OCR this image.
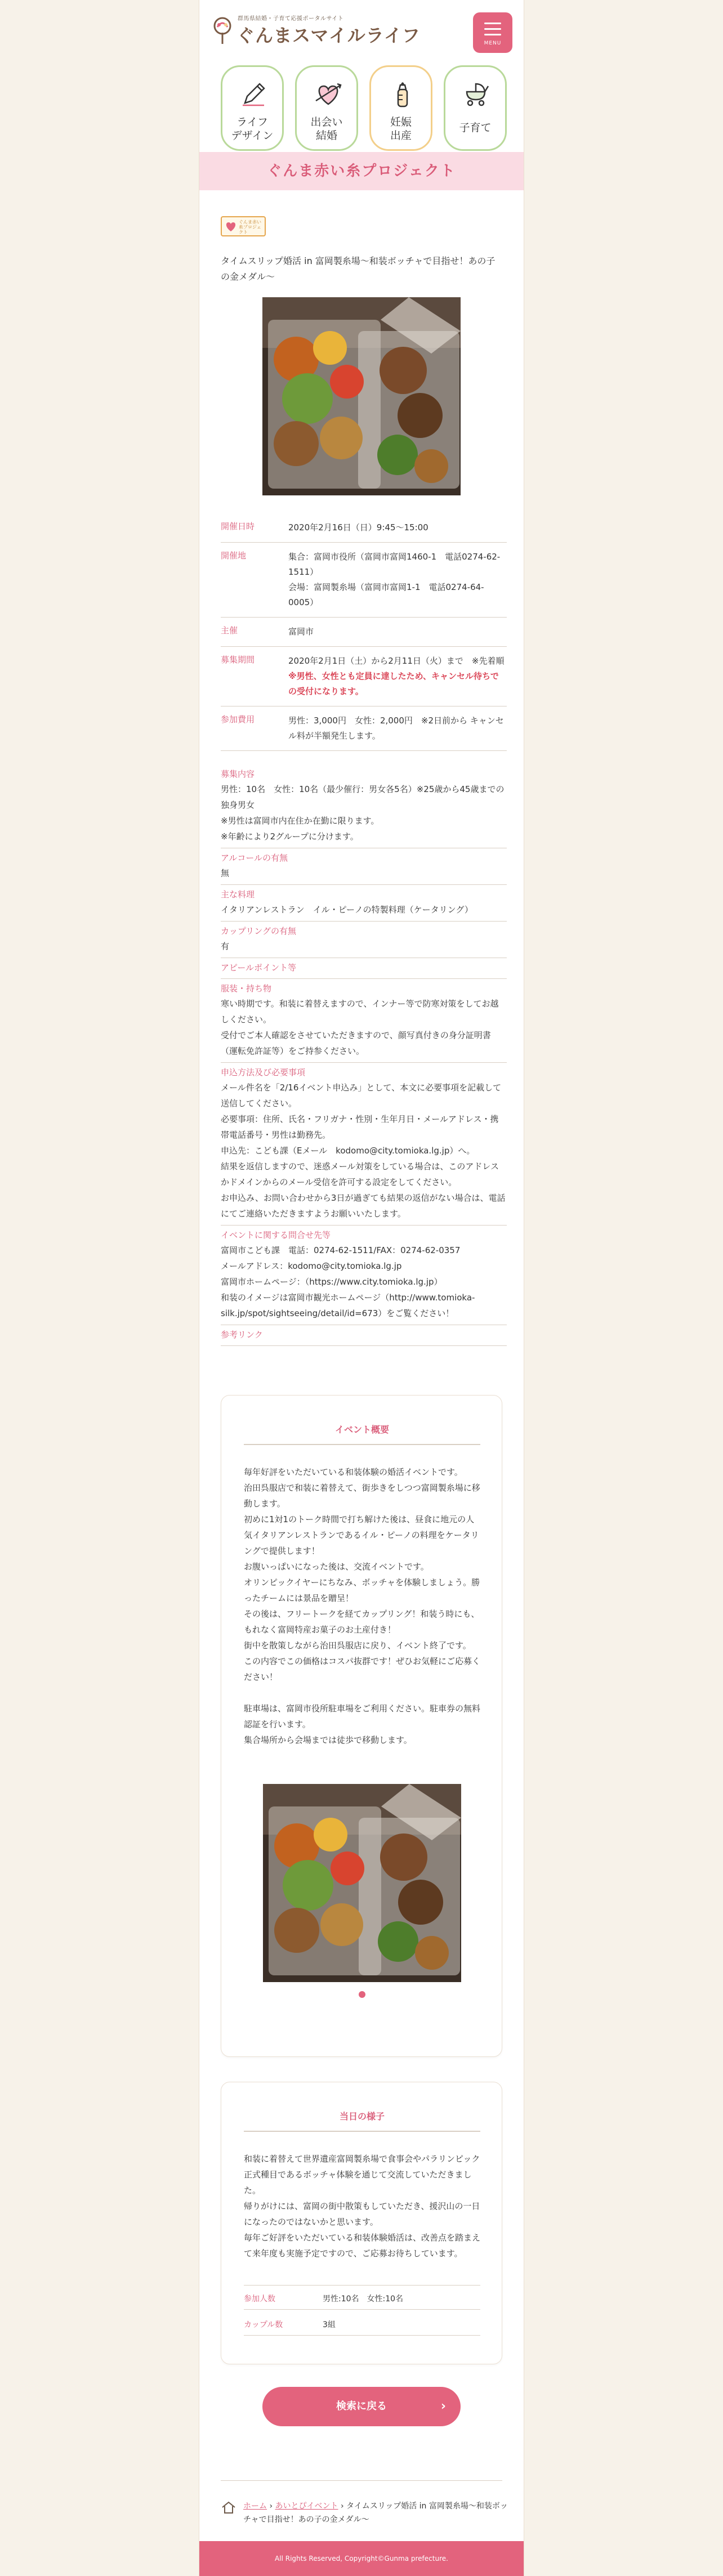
群馬県結婚・子育て応援ポータルサイト
ぐんまスマイルライフ	MENU
ライフ
デザイン
出会い
結婚
妊娠
出産
子育て
ぐんま赤い糸プロジェクト
ぐんま赤い糸プロジェクト
タイムスリップ婚活 in 富岡製糸場〜和装ボッチャで目指せ！あの子の金メダル〜
開催日時	2020年2月16日（日）9:45〜15:00
開催地	集合：富岡市役所（富岡市富岡1460-1　電話0274-62-1511）
会場：富岡製糸場（富岡市富岡1-1　電話0274-64-0005）
主催	富岡市
募集期間	2020年2月1日（土）から2月11日（火）まで　※先着順
※男性、女性とも定員に達したため、キャンセル待ちでの受付になります。
参加費用	男性：3,000円　女性：2,000円　※2日前から キャンセル料が半額発生します。
募集内容
男性：10名　女性：10名（最少催行：男女各5名）※25歳から45歳までの独身男女
※男性は富岡市内在住か在勤に限ります。
※年齢により2グループに分けます。
アルコールの有無
無
主な料理
イタリアンレストラン　イル・ピーノの特製料理（ケータリング）
カップリングの有無
有
アピールポイント等
服装・持ち物
寒い時期です。和装に着替えますので、インナー等で防寒対策をしてお越しください。
受付でご本人確認をさせていただきますので、顔写真付きの身分証明書（運転免許証等）をご持参ください。
申込方法及び必要事項
メール件名を「2/16イベント申込み」として、本文に必要事項を記載して送信してください。
必要事項：住所、氏名・フリガナ・性別・生年月日・メールアドレス・携帯電話番号・男性は勤務先。
申込先：こども課（Eメール　kodomo@city.tomioka.lg.jp）へ。
結果を返信しますので、迷惑メール対策をしている場合は、このアドレスかドメインからのメール受信を許可する設定をしてください。
お申込み、お問い合わせから3日が過ぎても結果の返信がない場合は、電話にてご連絡いただきますようお願いいたします。
イベントに関する問合せ先等
富岡市こども課　電話：0274-62-1511/FAX：0274-62-0357
メールアドレス：kodomo@city.tomioka.lg.jp
富岡市ホームページ：（https://www.city.tomioka.lg.jp）
和装のイメージは富岡市観光ホームページ（http://www.tomioka-silk.jp/spot/sightseeing/detail/id=673）をご覧ください！
参考リンク
イベント概要
毎年好評をいただいている和装体験の婚活イベントです。
治田呉服店で和装に着替えて、街歩きをしつつ富岡製糸場に移動します。
初めに1対1のトーク時間で打ち解けた後は、昼食に地元の人気イタリアンレストランであるイル・ピーノの料理をケータリングで提供します！
お腹いっぱいになった後は、交流イベントです。
オリンピックイヤーにちなみ、ボッチャを体験しましょう。勝ったチームには景品を贈呈！
その後は、フリートークを経てカップリング！和装う時にも、もれなく富岡特産お菓子のお土産付き！
街中を散策しながら治田呉服店に戻り、イベント終了です。
この内容でこの価格はコスパ抜群です！ぜひお気軽にご応募ください！

駐車場は、富岡市役所駐車場をご利用ください。駐車券の無料認証を行います。
集合場所から会場までは徒歩で移動します。
当日の様子
和装に着替えて世界遺産富岡製糸場で食事会やパラリンピック正式種目であるボッチャ体験を通じて交流していただきました。
帰りがけには、富岡の街中散策もしていただき、援沢山の一日になったのではないかと思います。
毎年ご好評をいただいている和装体験婚活は、改善点を踏まえて来年度も実施予定ですので、ご応募お待ちしています。
参加人数	男性:10名　女性:10名
カップル数	3組
検索に戻る	›
ホーム › あいとぴイベント › タイムスリップ婚活 in 富岡製糸場〜和装ボッチャで目指せ！あの子の金メダル〜
All Rights Reserved, Copyright©Gunma prefecture.
